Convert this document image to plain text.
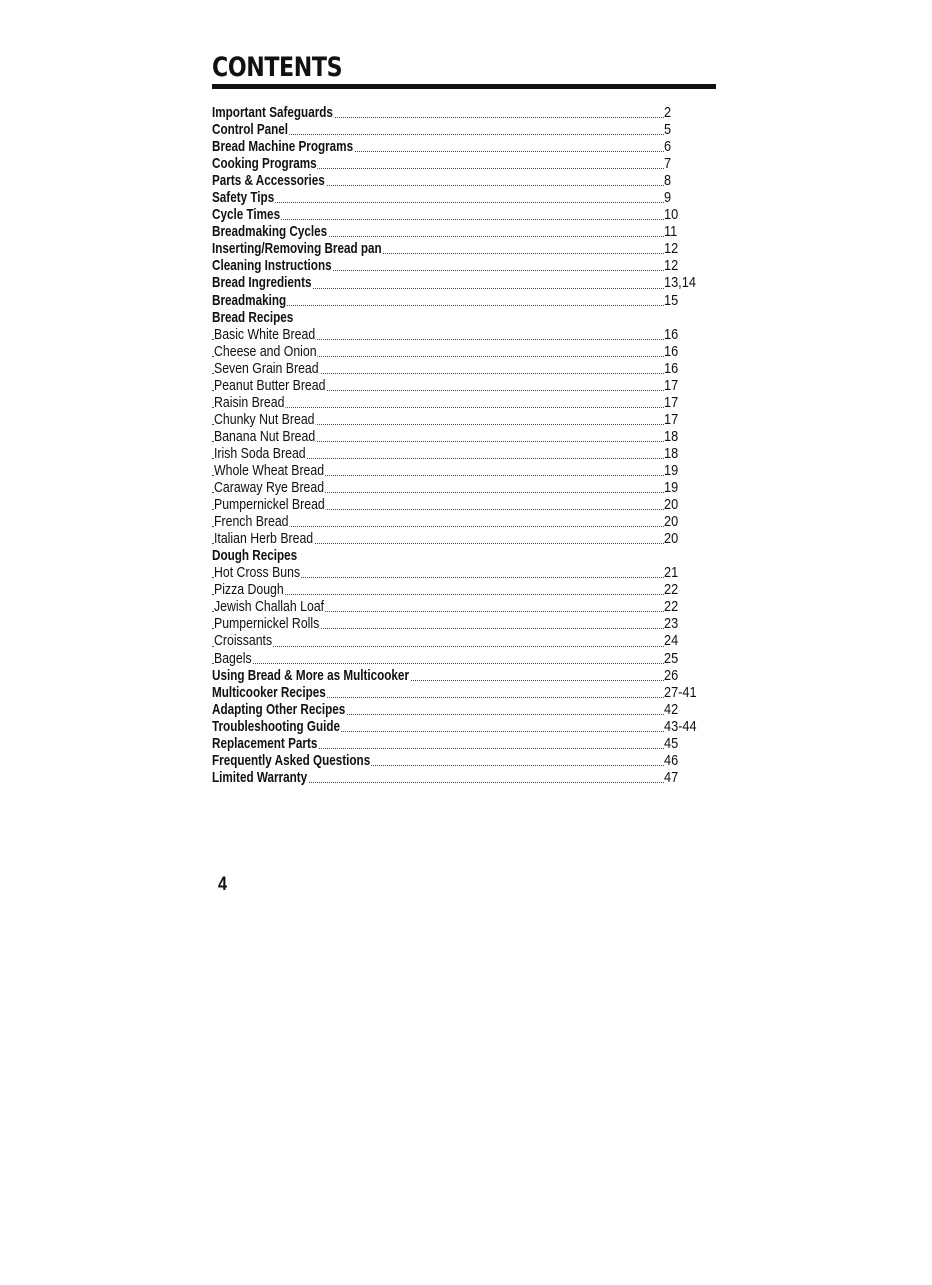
CONTENTS
Important Safeguards	2
Control Panel	5
Bread Machine Programs	6
Cooking Programs	7
Parts & Accessories	8
Safety Tips	9
Cycle Times	10
Breadmaking Cycles	11
Inserting/Removing Bread pan	12
Cleaning Instructions	12
Bread Ingredients	13,14
Breadmaking	15
Bread Recipes
Basic White Bread	16
Cheese and Onion	16
Seven Grain Bread	16
Peanut Butter Bread	17
Raisin Bread	17
Chunky Nut Bread	17
Banana Nut Bread	18
Irish Soda Bread	18
Whole Wheat Bread	19
Caraway Rye Bread	19
Pumpernickel Bread	20
French Bread	20
Italian Herb Bread	20
Dough Recipes
Hot Cross Buns	21
Pizza Dough	22
Jewish Challah Loaf	22
Pumpernickel Rolls	23
Croissants	24
Bagels	25
Using Bread & More as Multicooker	26
Multicooker Recipes	27-41
Adapting Other Recipes	42
Troubleshooting Guide	43-44
Replacement Parts	45
Frequently Asked Questions	46
Limited Warranty	47
4
